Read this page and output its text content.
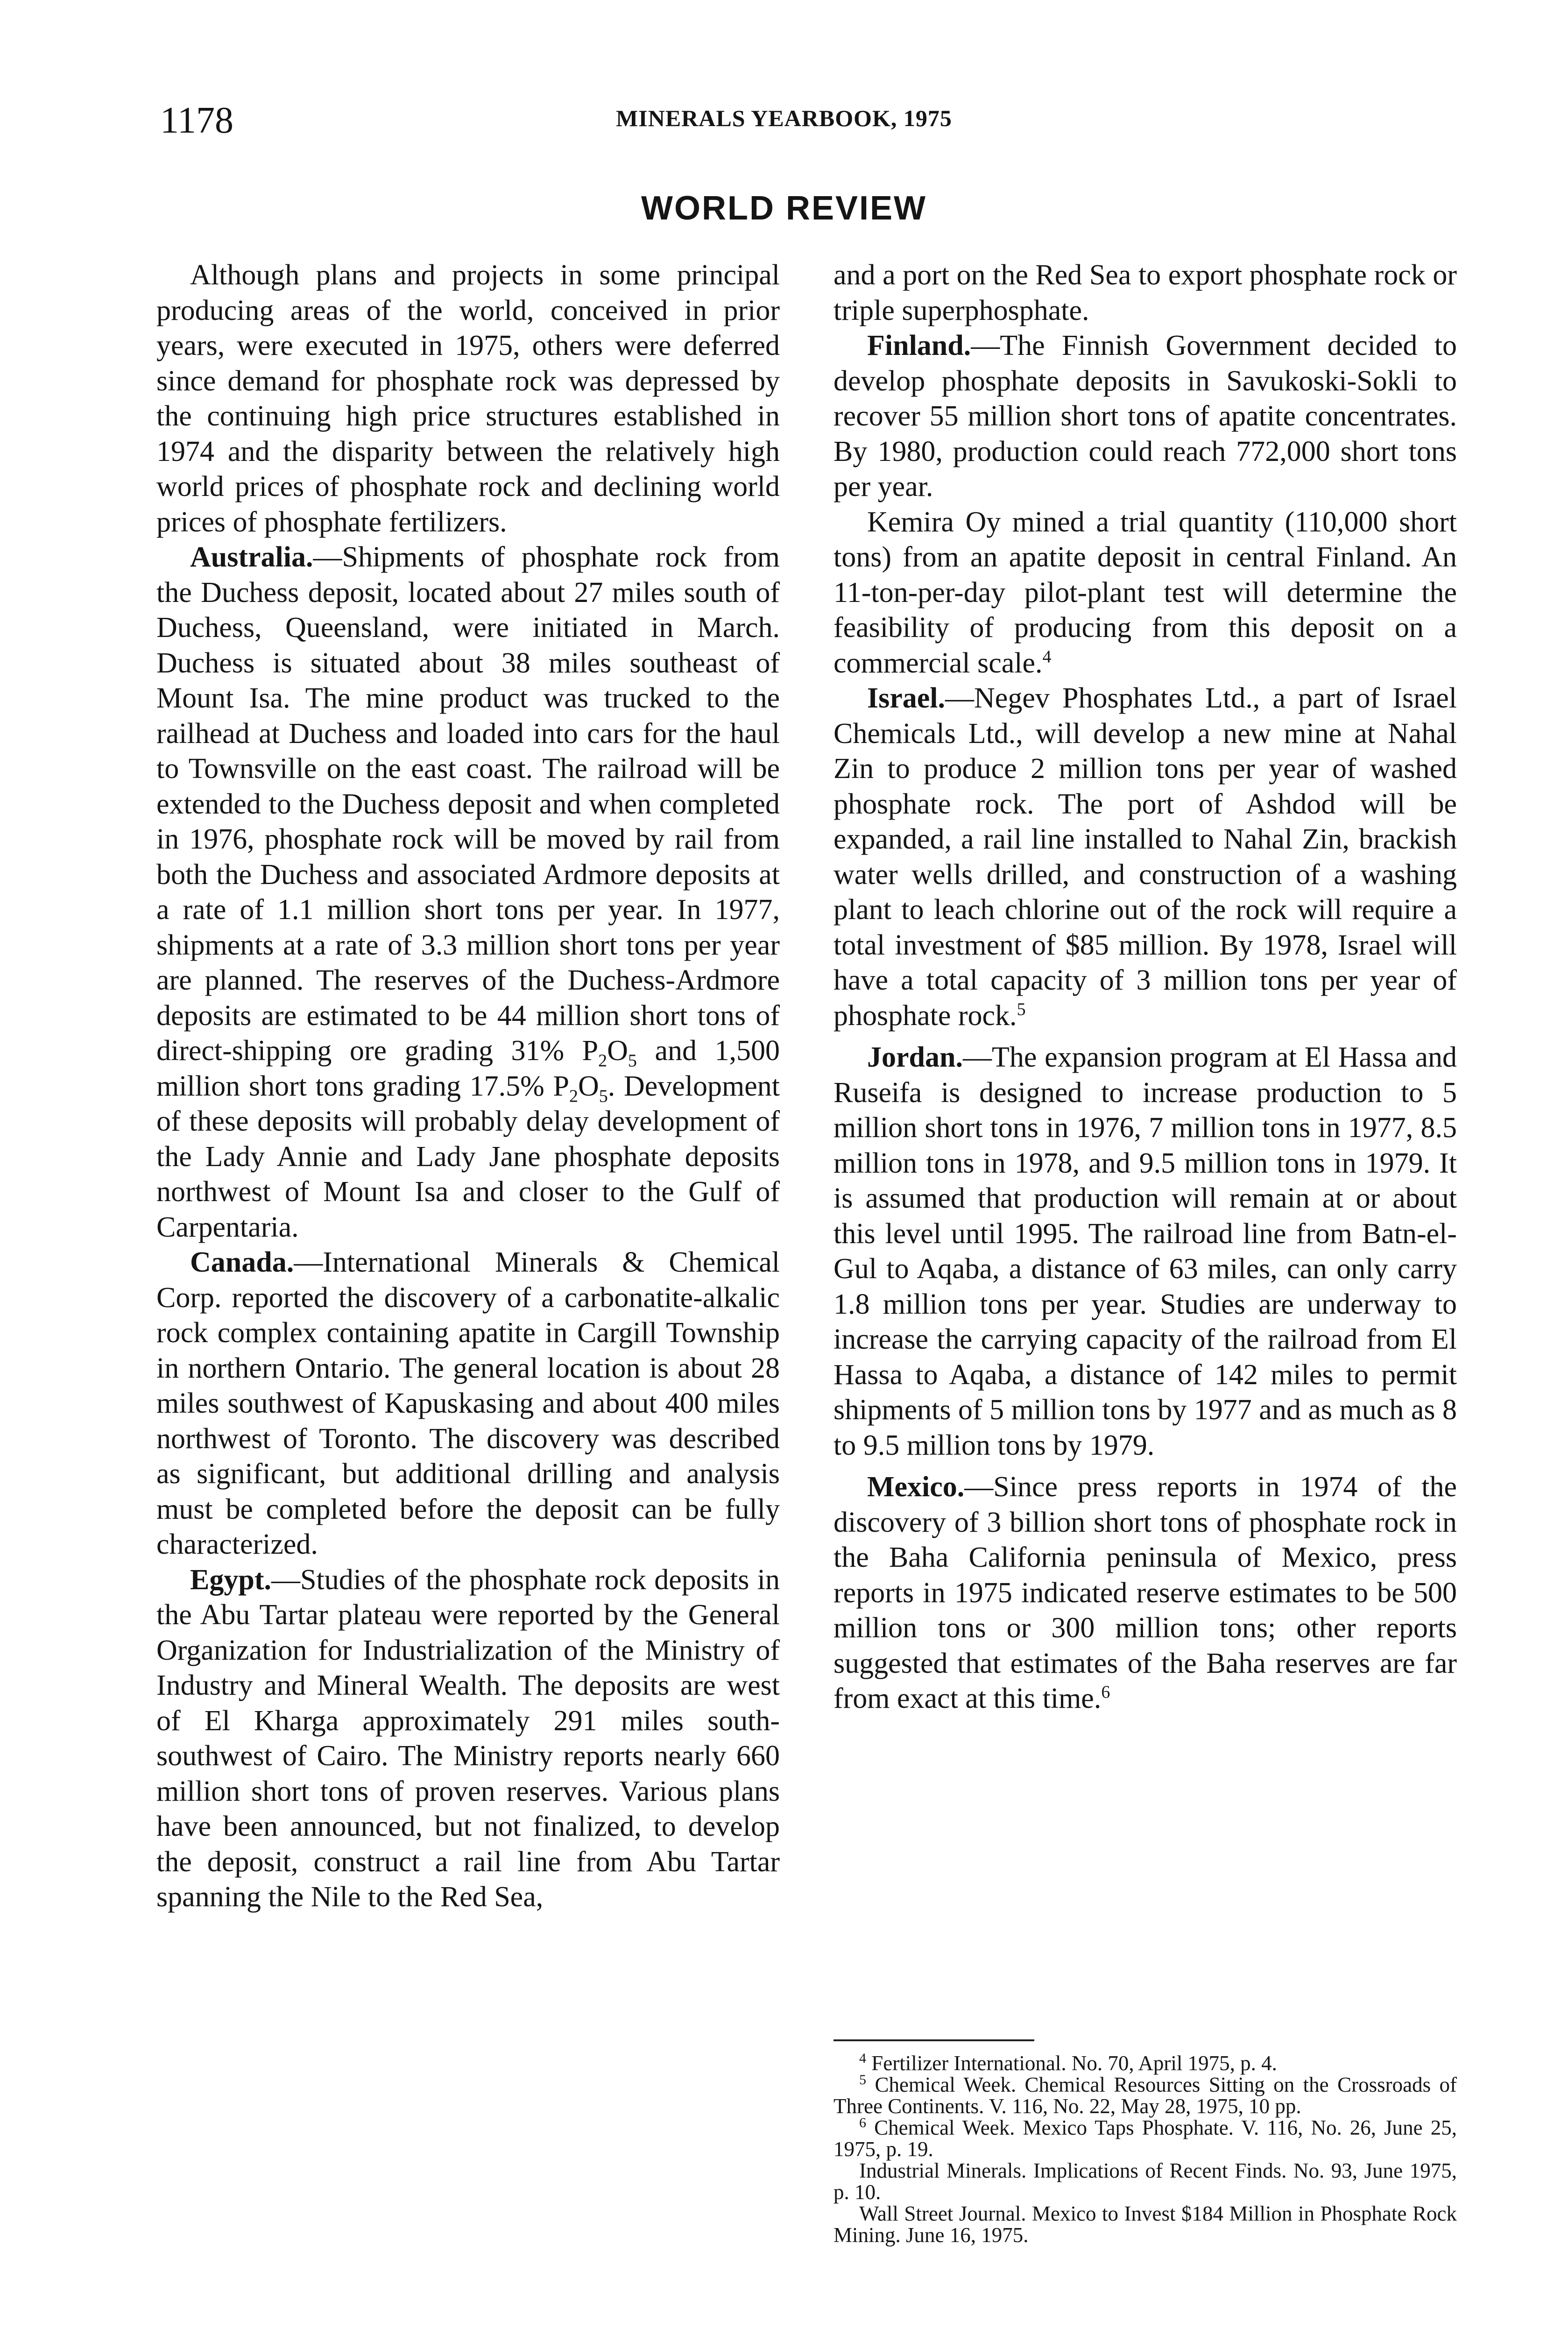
1178	MINERALS YEARBOOK, 1975
WORLD REVIEW

Although plans and projects in some principal producing areas of the world, conceived in prior years, were executed in 1975, others were deferred since demand for phosphate rock was depressed by the continuing high price structures established in 1974 and the disparity between the relatively high world prices of phosphate rock and declining world prices of phosphate fertilizers.

Australia.—Shipments of phosphate rock from the Duchess deposit, located about 27 miles south of Duchess, Queensland, were initiated in March. Duchess is situated about 38 miles southeast of Mount Isa. The mine product was trucked to the railhead at Duchess and loaded into cars for the haul to Townsville on the east coast. The railroad will be extended to the Duchess deposit and when completed in 1976, phosphate rock will be moved by rail from both the Duchess and associated Ardmore deposits at a rate of 1.1 million short tons per year. In 1977, shipments at a rate of 3.3 million short tons per year are planned. The reserves of the Duchess-Ardmore deposits are estimated to be 44 million short tons of direct-shipping ore grading 31% $P_2O_5$ and 1,500 million short tons grading 17.5% $P_2O_5$. Development of these deposits will probably delay development of the Lady Annie and Lady Jane phosphate deposits northwest of Mount Isa and closer to the Gulf of Carpentaria.

Canada.—International Minerals & Chemical Corp. reported the discovery of a carbonatite-alkalic rock complex containing apatite in Cargill Township in northern Ontario. The general location is about 28 miles southwest of Kapuskasing and about 400 miles northwest of Toronto. The discovery was described as significant, but additional drilling and analysis must be completed before the deposit can be fully characterized.

Egypt.—Studies of the phosphate rock deposits in the Abu Tartar plateau were reported by the General Organization for Industrialization of the Ministry of Industry and Mineral Wealth. The deposits are west of El Kharga approximately 291 miles south-southwest of Cairo. The Ministry reports nearly 660 million short tons of proven reserves. Various plans have been announced, but not finalized, to develop the deposit, construct a rail line from Abu Tartar spanning the Nile to the Red Sea,

and a port on the Red Sea to export phosphate rock or triple superphosphate.

Finland.—The Finnish Government decided to develop phosphate deposits in Savukoski-Sokli to recover 55 million short tons of apatite concentrates. By 1980, production could reach 772,000 short tons per year.

Kemira Oy mined a trial quantity (110,000 short tons) from an apatite deposit in central Finland. An 11-ton-per-day pilot-plant test will determine the feasibility of producing from this deposit on a commercial scale.$^4$

Israel.—Negev Phosphates Ltd., a part of Israel Chemicals Ltd., will develop a new mine at Nahal Zin to produce 2 million tons per year of washed phosphate rock. The port of Ashdod will be expanded, a rail line installed to Nahal Zin, brackish water wells drilled, and construction of a washing plant to leach chlorine out of the rock will require a total investment of $85 million. By 1978, Israel will have a total capacity of 3 million tons per year of phosphate rock.$^5$

Jordan.—The expansion program at El Hassa and Ruseifa is designed to increase production to 5 million short tons in 1976, 7 million tons in 1977, 8.5 million tons in 1978, and 9.5 million tons in 1979. It is assumed that production will remain at or about this level until 1995. The railroad line from Batn-el-Gul to Aqaba, a distance of 63 miles, can only carry 1.8 million tons per year. Studies are underway to increase the carrying capacity of the railroad from El Hassa to Aqaba, a distance of 142 miles to permit shipments of 5 million tons by 1977 and as much as 8 to 9.5 million tons by 1979.

Mexico.—Since press reports in 1974 of the discovery of 3 billion short tons of phosphate rock in the Baha California peninsula of Mexico, press reports in 1975 indicated reserve estimates to be 500 million tons or 300 million tons; other reports suggested that estimates of the Baha reserves are far from exact at this time.$^6$

$^4$ Fertilizer International. No. 70, April 1975, p. 4.

$^5$ Chemical Week. Chemical Resources Sitting on the Crossroads of Three Continents. V. 116, No. 22, May 28, 1975, 10 pp.

$^6$ Chemical Week. Mexico Taps Phosphate. V. 116, No. 26, June 25, 1975, p. 19.

Industrial Minerals. Implications of Recent Finds. No. 93, June 1975, p. 10.

Wall Street Journal. Mexico to Invest $184 Million in Phosphate Rock Mining. June 16, 1975.
